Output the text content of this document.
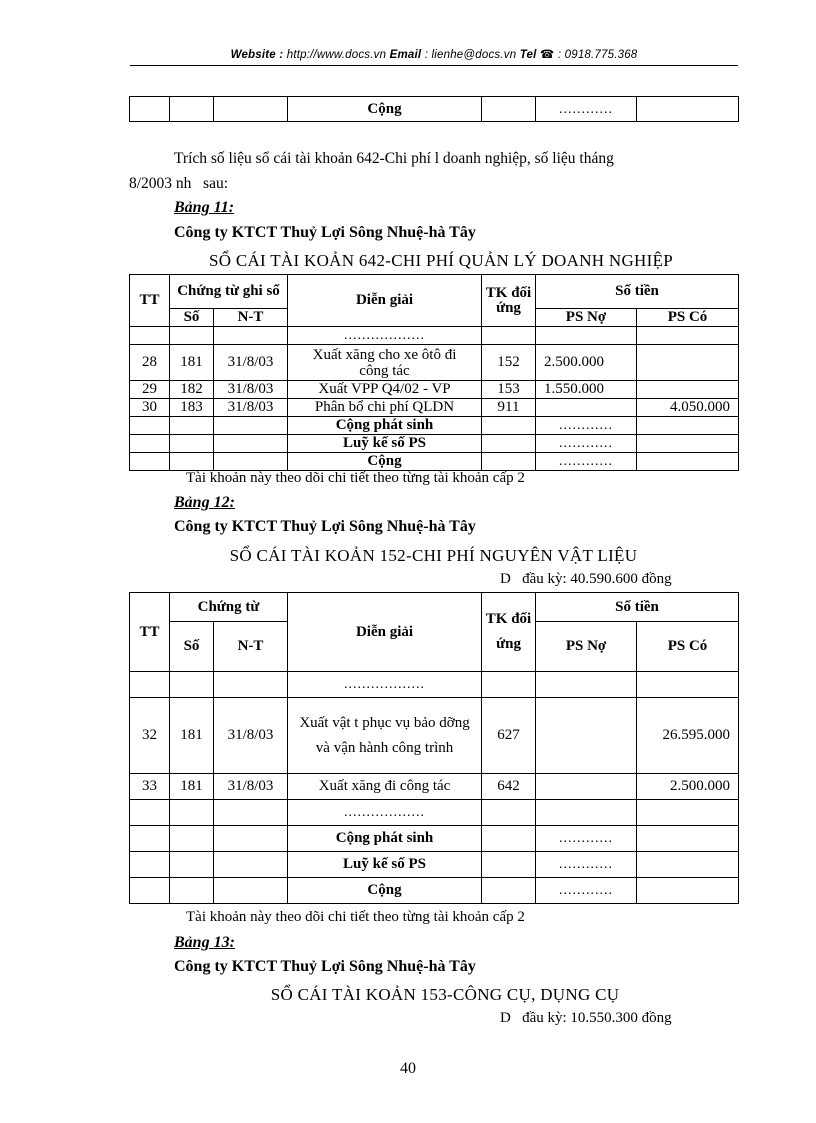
Website : http://www.docs.vn Email : lienhe@docs.vn Tel ☎ : 0918.775.368
			Cộng		............	
Trích số liệu sổ cái tài khoản 642-Chi phí l doanh nghiệp, số liệu tháng
8/2003 nh   sau:
Bảng 11:
Công ty KTCT Thuỷ Lợi Sông Nhuệ-hà Tây
SỔ CÁI TÀI KOẢN 642-CHI PHÍ QUẢN LÝ DOANH NGHIỆP
TT	Chứng từ ghi sổ		Diễn giải	TK đối ứng	Số tiền	
	Số	N-T			PS Nợ	PS Có
			..................			
28	181	31/8/03	Xuất xăng cho xe ôtô đi công tác	152	2.500.000	
29	182	31/8/03	Xuất VPP Q4/02 - VP	153	1.550.000	
30	183	31/8/03	Phân bổ chi phí QLDN	911		4.050.000
			Cộng phát sinh		............	
			Luỹ kế số PS		............	
			Cộng		............	
Tài khoản này theo dõi chi tiết theo từng tài khoản cấp 2
Bảng 12:
Công ty KTCT Thuỷ Lợi Sông Nhuệ-hà Tây
SỔ CÁI TÀI KOẢN 152-CHI PHÍ NGUYÊN VẬT LIỆU
D   đầu kỳ: 40.590.600 đồng
TT	Chứng từ		Diễn giải	TK đối ứng	Số tiền	
	Số	N-T			PS Nợ	PS Có
			..................			
32	181	31/8/03	Xuất vật t phục vụ bảo dỡng và vận hành công trình	627		26.595.000
33	181	31/8/03	Xuất xăng đi công tác	642		2.500.000
			..................			
			Cộng phát sinh		............	
			Luỹ kế số PS		............	
			Cộng		............	
Tài khoản này theo dõi chi tiết theo từng tài khoản cấp 2
Bảng 13:
Công ty KTCT Thuỷ Lợi Sông Nhuệ-hà Tây
SỔ CÁI TÀI KOẢN 153-CÔNG CỤ, DỤNG CỤ
D   đầu kỳ: 10.550.300 đồng
40
